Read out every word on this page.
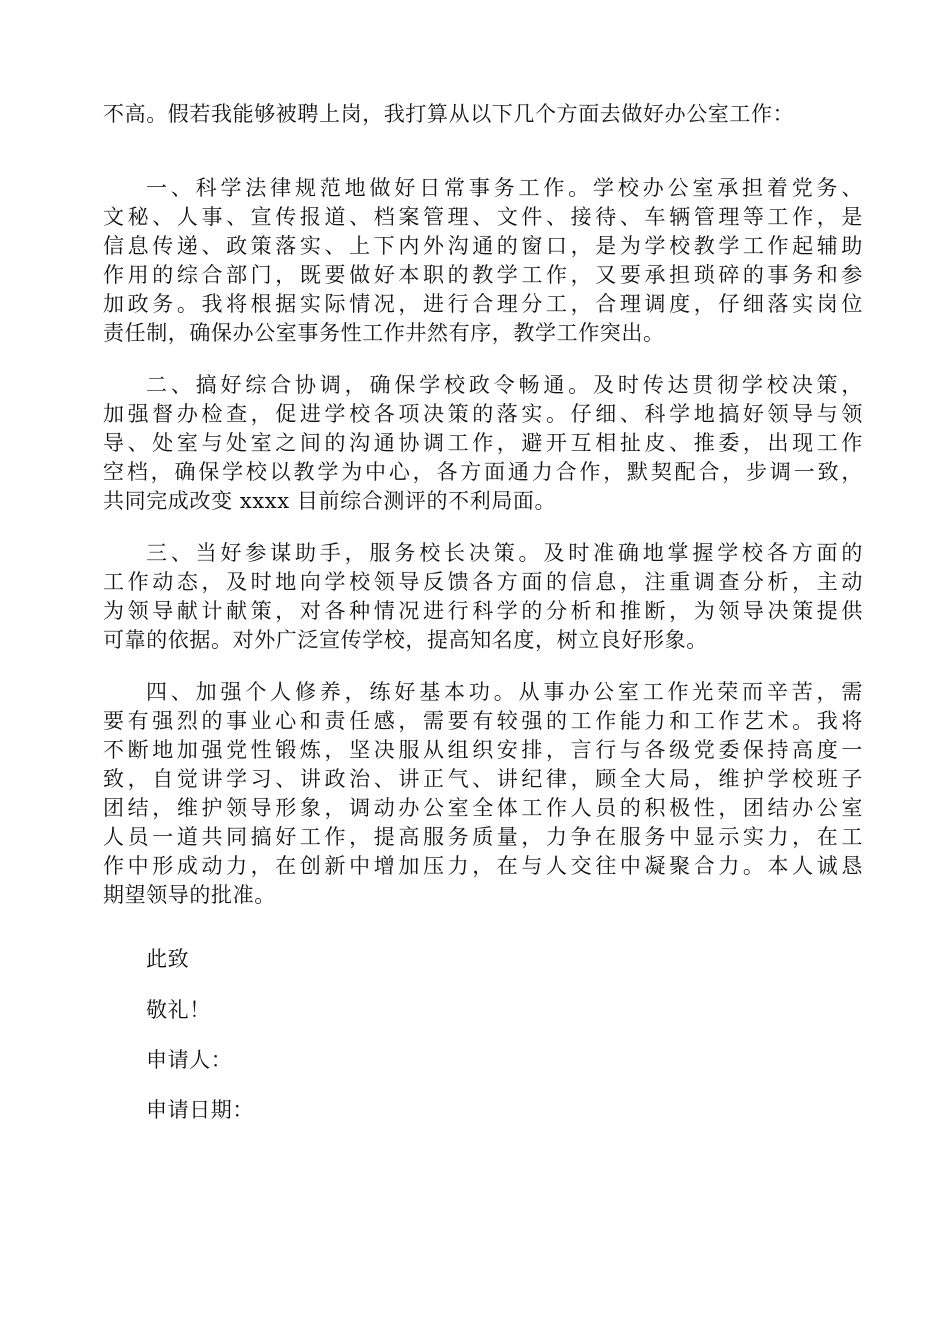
不高。假若我能够被聘上岗，我打算从以下几个方面去做好办公室工作：
一、科学法律规范地做好日常事务工作。学校办公室承担着党务、
文秘、人事、宣传报道、档案管理、文件、接待、车辆管理等工作，是
信息传递、政策落实、上下内外沟通的窗口，是为学校教学工作起辅助
作用的综合部门，既要做好本职的教学工作，又要承担琐碎的事务和参
加政务。我将根据实际情况，进行合理分工，合理调度，仔细落实岗位
责任制，确保办公室事务性工作井然有序，教学工作突出。
二、搞好综合协调，确保学校政令畅通。及时传达贯彻学校决策，
加强督办检查，促进学校各项决策的落实。仔细、科学地搞好领导与领
导、处室与处室之间的沟通协调工作，避开互相扯皮、推委，出现工作
空档，确保学校以教学为中心，各方面通力合作，默契配合，步调一致，
共同完成改变 xxxx 目前综合测评的不利局面。
三、当好参谋助手，服务校长决策。及时准确地掌握学校各方面的
工作动态，及时地向学校领导反馈各方面的信息，注重调查分析，主动
为领导献计献策，对各种情况进行科学的分析和推断，为领导决策提供
可靠的依据。对外广泛宣传学校，提高知名度，树立良好形象。
四、加强个人修养，练好基本功。从事办公室工作光荣而辛苦，需
要有强烈的事业心和责任感，需要有较强的工作能力和工作艺术。我将
不断地加强党性锻炼，坚决服从组织安排，言行与各级党委保持高度一
致，自觉讲学习、讲政治、讲正气、讲纪律，顾全大局，维护学校班子
团结，维护领导形象，调动办公室全体工作人员的积极性，团结办公室
人员一道共同搞好工作，提高服务质量，力争在服务中显示实力，在工
作中形成动力，在创新中增加压力，在与人交往中凝聚合力。本人诚恳
期望领导的批准。
此致
敬礼！
申请人：
申请日期：
